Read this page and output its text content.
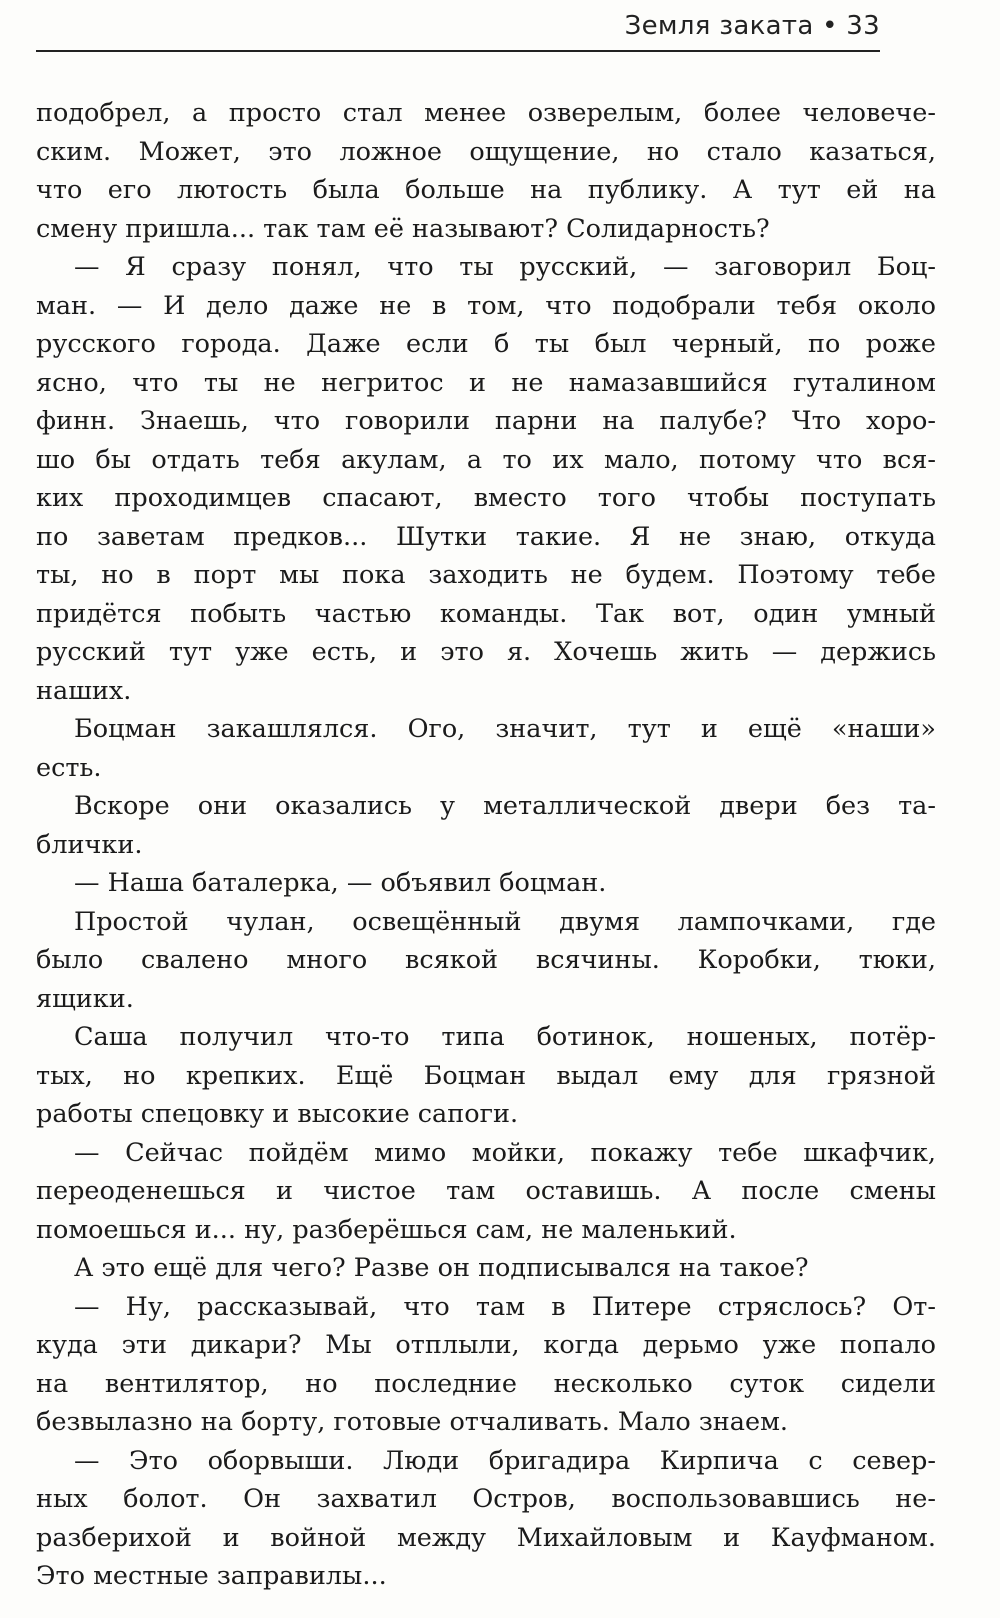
Земля заката • 33
подобрел, а просто стал менее озверелым, более человече-
ским. Может, это ложное ощущение, но стало казаться,
что его лютость была больше на публику. А тут ей на
смену пришла... так там её называют? Солидарность?
— Я сразу понял, что ты русский, — заговорил Боц-
ман. — И дело даже не в том, что подобрали тебя около
русского города. Даже если б ты был черный, по роже
ясно, что ты не негритос и не намазавшийся гуталином
финн. Знаешь, что говорили парни на палубе? Что хоро-
шо бы отдать тебя акулам, а то их мало, потому что вся-
ких проходимцев спасают, вместо того чтобы поступать
по заветам предков... Шутки такие. Я не знаю, откуда
ты, но в порт мы пока заходить не будем. Поэтому тебе
придётся побыть частью команды. Так вот, один умный
русский тут уже есть, и это я. Хочешь жить — держись
наших.
Боцман закашлялся. Ого, значит, тут и ещё «наши»
есть.
Вскоре они оказались у металлической двери без та-
блички.
— Наша баталерка, — объявил боцман.
Простой чулан, освещённый двумя лампочками, где
было свалено много всякой всячины. Коробки, тюки,
ящики.
Саша получил что-то типа ботинок, ношеных, потёр-
тых, но крепких. Ещё Боцман выдал ему для грязной
работы спецовку и высокие сапоги.
— Сейчас пойдём мимо мойки, покажу тебе шкафчик,
переоденешься и чистое там оставишь. А после смены
помоешься и... ну, разберёшься сам, не маленький.
А это ещё для чего? Разве он подписывался на такое?
— Ну, рассказывай, что там в Питере стряслось? От-
куда эти дикари? Мы отплыли, когда дерьмо уже попало
на вентилятор, но последние несколько суток сидели
безвылазно на борту, готовые отчаливать. Мало знаем.
— Это оборвыши. Люди бригадира Кирпича с север-
ных болот. Он захватил Остров, воспользовавшись не-
разберихой и войной между Михайловым и Кауфманом.
Это местные заправилы...
